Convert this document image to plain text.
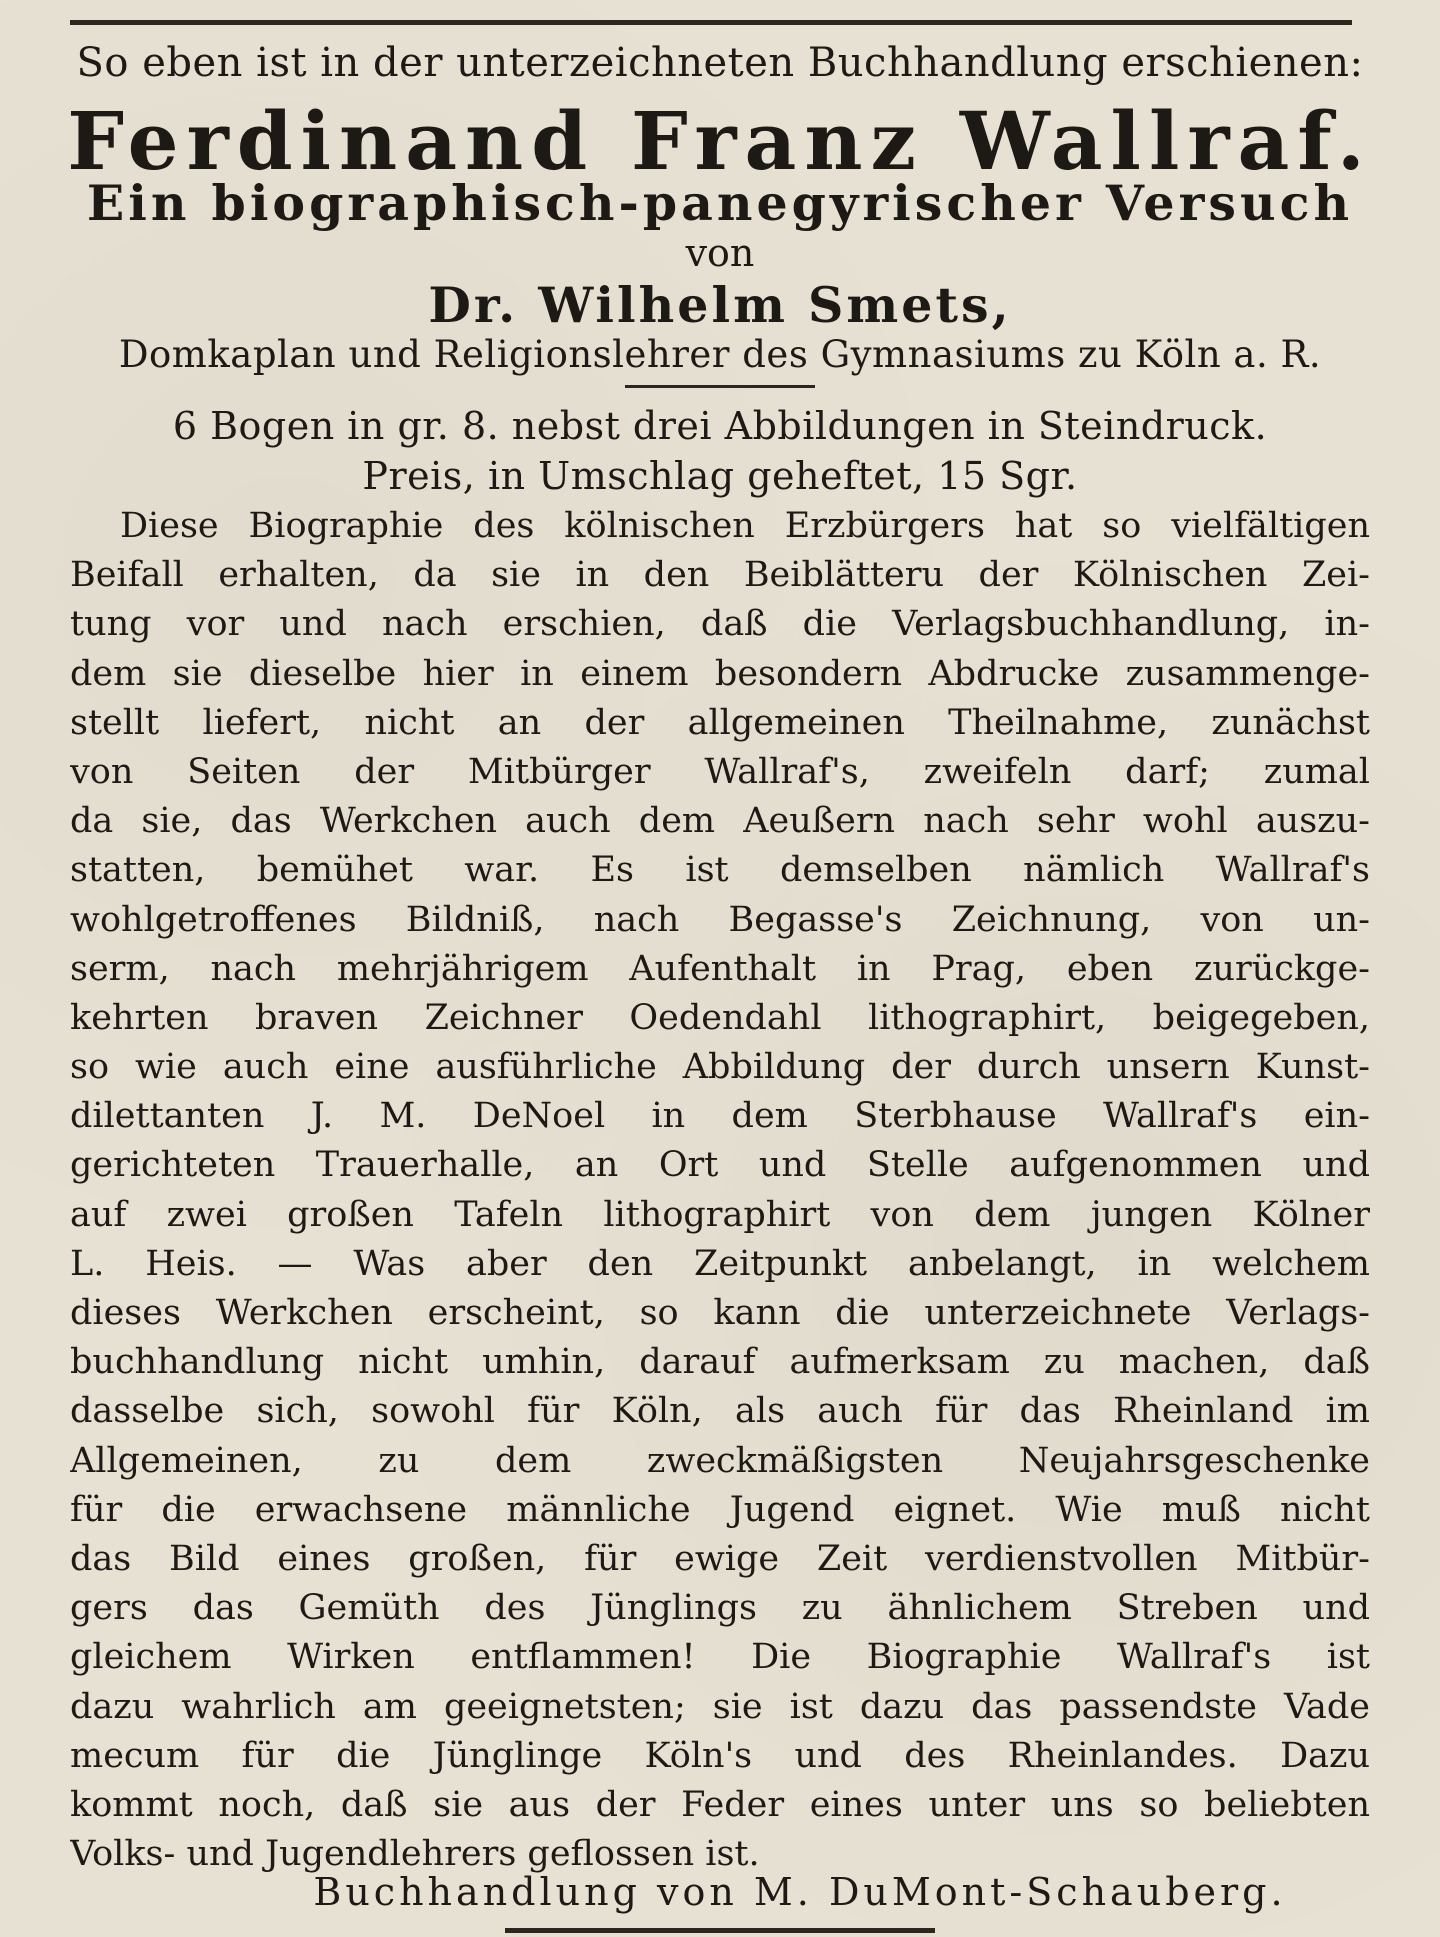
So eben ist in der unterzeichneten Buchhandlung erschienen:
Ferdinand Franz Wallraf.
Ein biographisch-panegyrischer Versuch
von
Dr. Wilhelm Smets,
Domkaplan und Religionslehrer des Gymnasiums zu Köln a. R.
6 Bogen in gr. 8. nebst drei Abbildungen in Steindruck.
Preis, in Umschlag geheftet, 15 Sgr.
Diese Biographie des kölnischen Erzbürgers hat so vielfältigen
Beifall erhalten, da sie in den Beiblätteru der Kölnischen Zei-
tung vor und nach erschien, daß die Verlagsbuchhandlung, in-
dem sie dieselbe hier in einem besondern Abdrucke zusammenge-
stellt liefert, nicht an der allgemeinen Theilnahme, zunächst
von Seiten der Mitbürger Wallraf's, zweifeln darf; zumal
da sie, das Werkchen auch dem Aeußern nach sehr wohl auszu-
statten, bemühet war. Es ist demselben nämlich Wallraf's
wohlgetroffenes Bildniß, nach Begasse's Zeichnung, von un-
serm, nach mehrjährigem Aufenthalt in Prag, eben zurückge-
kehrten braven Zeichner Oedendahl lithographirt, beigegeben,
so wie auch eine ausführliche Abbildung der durch unsern Kunst-
dilettanten J. M. DeNoel in dem Sterbhause Wallraf's ein-
gerichteten Trauerhalle, an Ort und Stelle aufgenommen und
auf zwei großen Tafeln lithographirt von dem jungen Kölner
L. Heis. — Was aber den Zeitpunkt anbelangt, in welchem
dieses Werkchen erscheint, so kann die unterzeichnete Verlags-
buchhandlung nicht umhin, darauf aufmerksam zu machen, daß
dasselbe sich, sowohl für Köln, als auch für das Rheinland im
Allgemeinen, zu dem zweckmäßigsten Neujahrsgeschenke
für die erwachsene männliche Jugend eignet. Wie muß nicht
das Bild eines großen, für ewige Zeit verdienstvollen Mitbür-
gers das Gemüth des Jünglings zu ähnlichem Streben und
gleichem Wirken entflammen! Die Biographie Wallraf's ist
dazu wahrlich am geeignetsten; sie ist dazu das passendste Vade
mecum für die Jünglinge Köln's und des Rheinlandes. Dazu
kommt noch, daß sie aus der Feder eines unter uns so beliebten
Volks- und Jugendlehrers geflossen ist.
Buchhandlung von M. DuMont-Schauberg.
